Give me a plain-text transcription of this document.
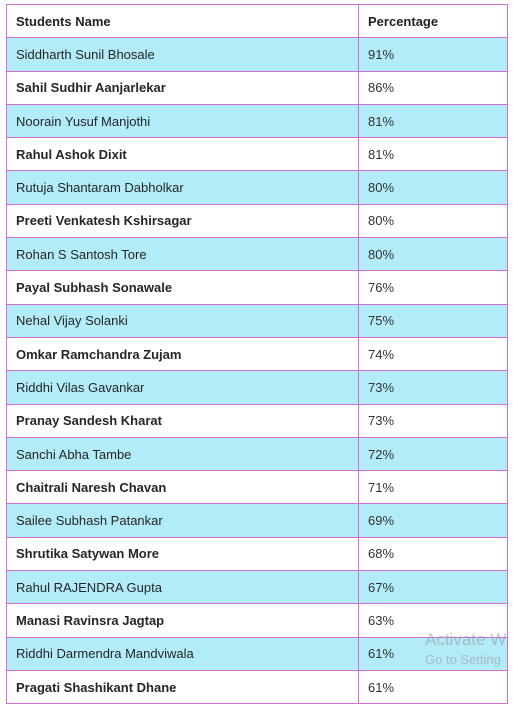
Students Name	Percentage
Siddharth Sunil Bhosale	91%
Sahil Sudhir Aanjarlekar	86%
Noorain Yusuf Manjothi	81%
Rahul Ashok Dixit	81%
Rutuja Shantaram Dabholkar	80%
Preeti Venkatesh Kshirsagar	80%
Rohan S Santosh Tore	80%
Payal Subhash Sonawale	76%
Nehal Vijay Solanki	75%
Omkar Ramchandra Zujam	74%
Riddhi Vilas Gavankar	73%
Pranay Sandesh Kharat	73%
Sanchi Abha Tambe	72%
Chaitrali Naresh Chavan	71%
Sailee Subhash Patankar	69%
Shrutika Satywan More	68%
Rahul RAJENDRA Gupta	67%
Manasi Ravinsra Jagtap	63%
Riddhi Darmendra Mandviwala	61%
Pragati Shashikant Dhane	61%
Activate W
Go to Setting
